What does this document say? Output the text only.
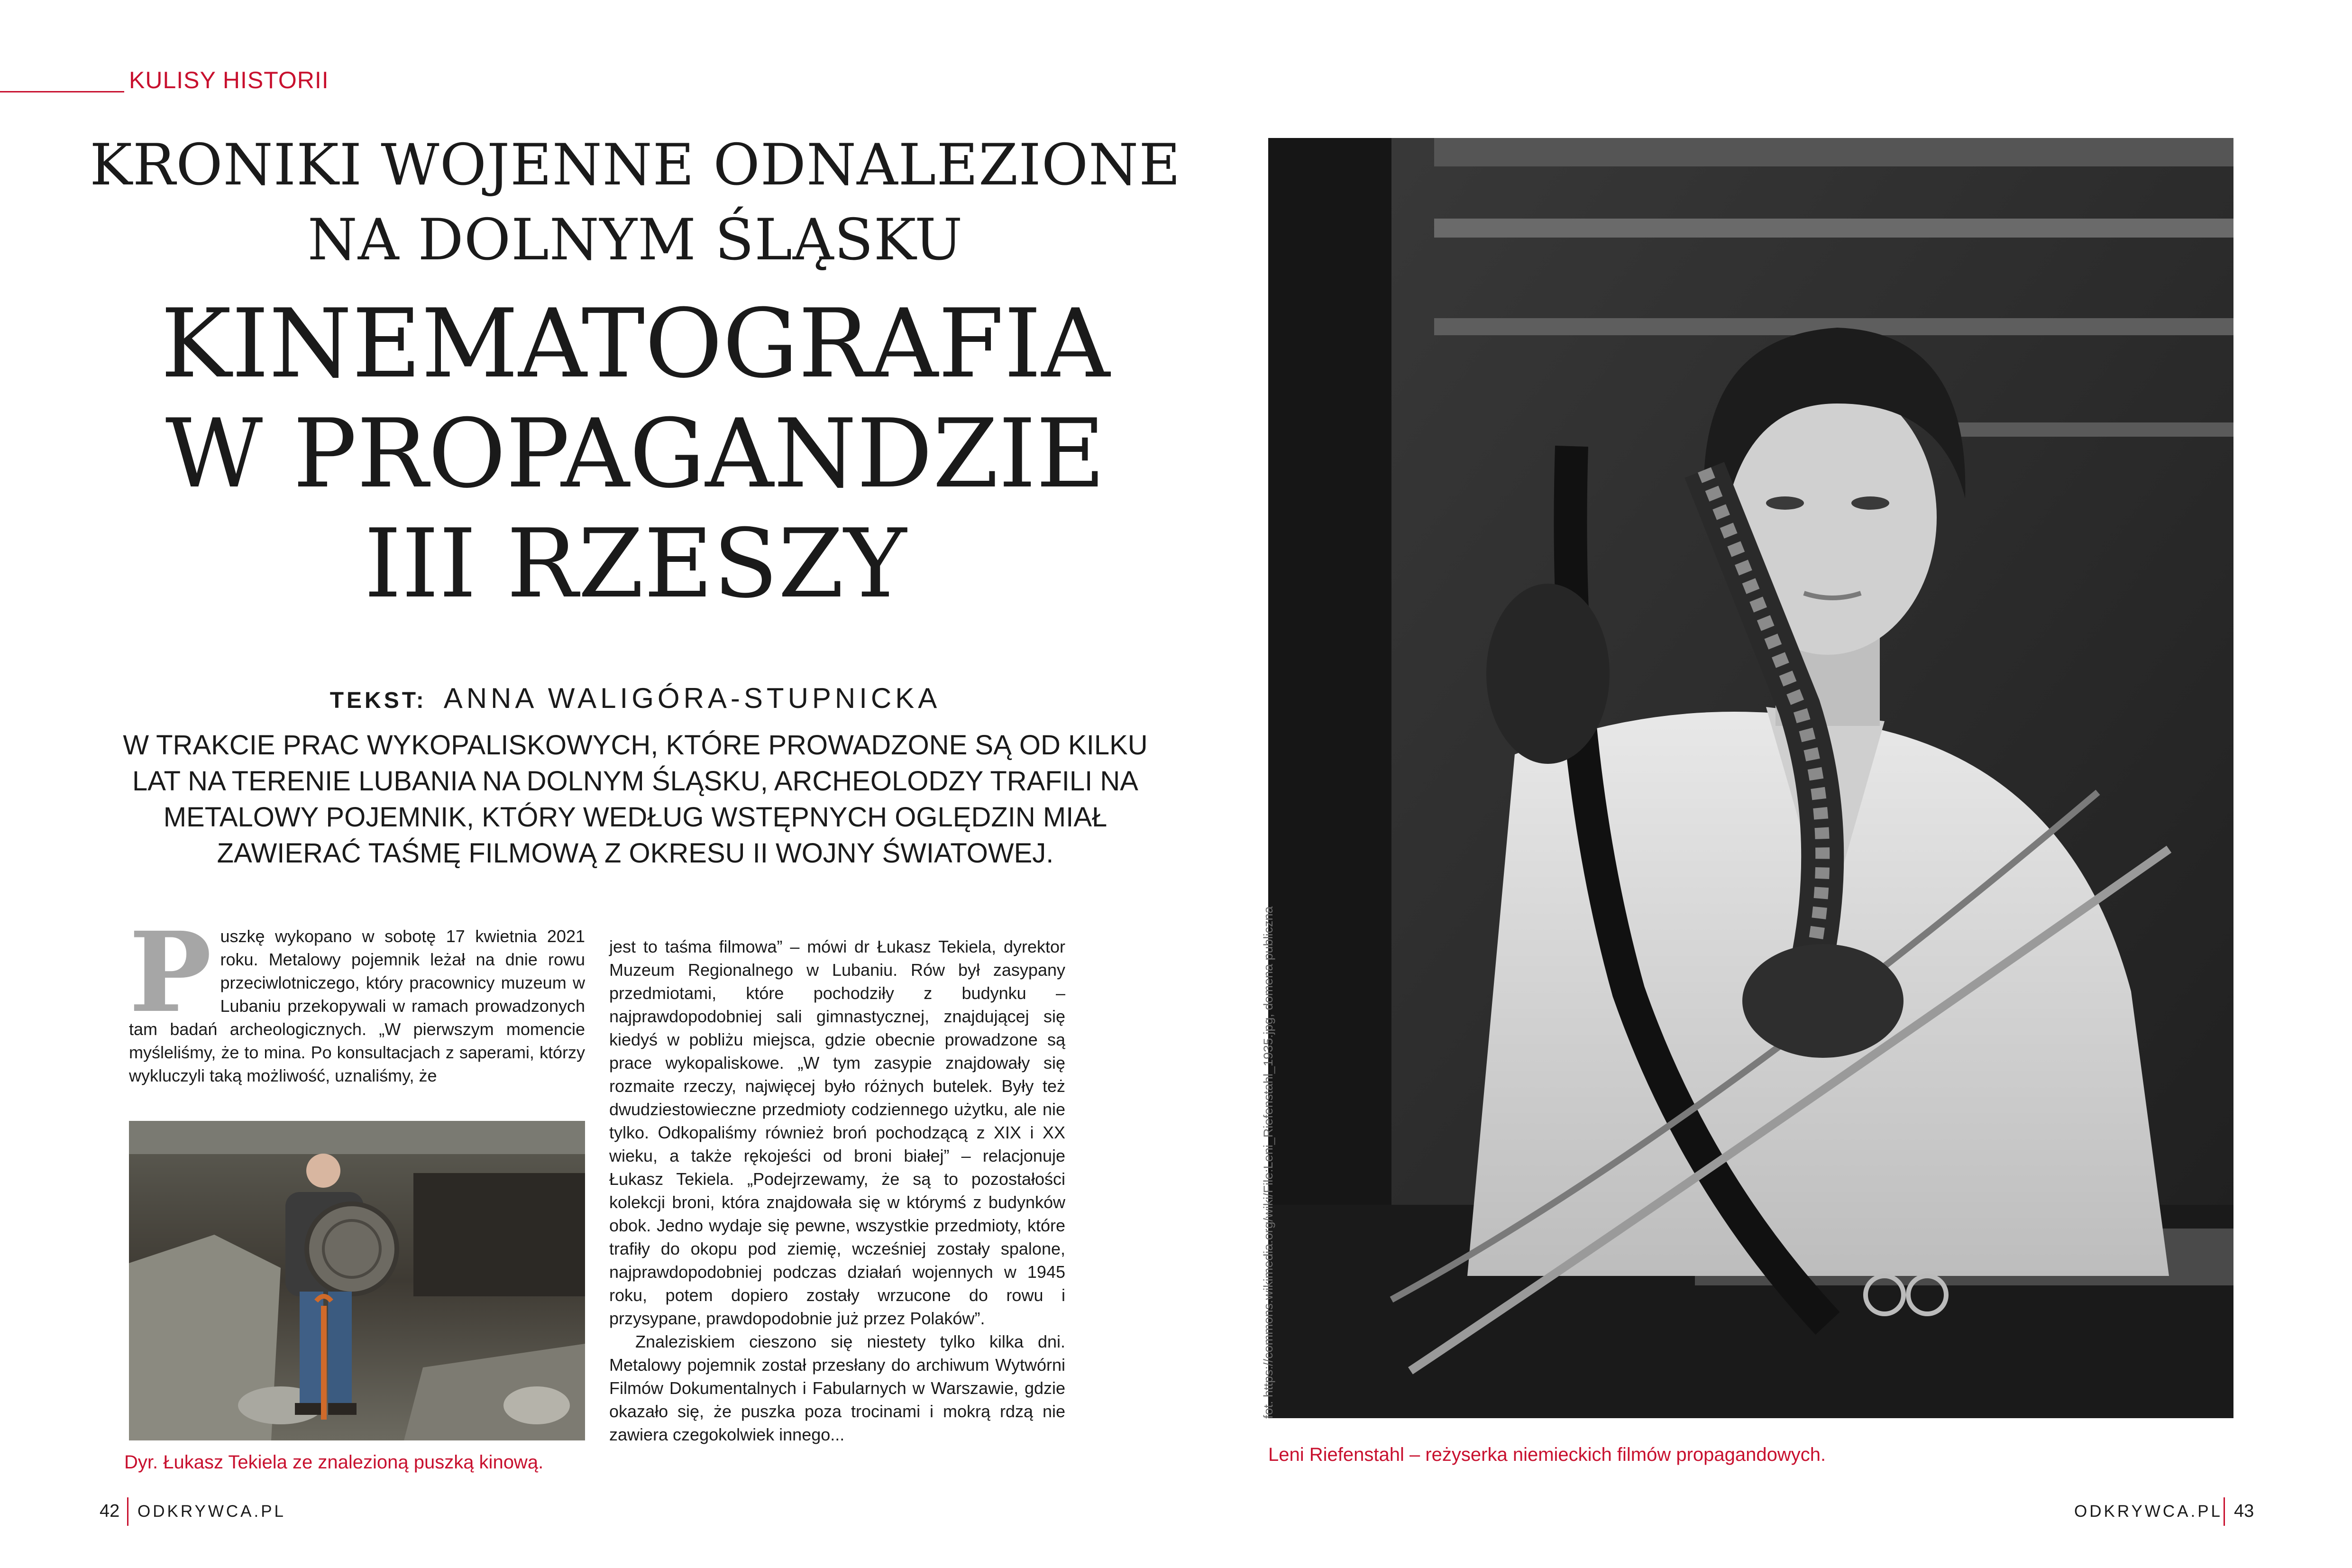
KULISY HISTORII
KRONIKI WOJENNE ODNALEZIONE
NA DOLNYM ŚLĄSKU
KINEMATOGRAFIA
W PROPAGANDZIE
III RZESZY
TEKST: ANNA WALIGÓRA-STUPNICKA
W TRAKCIE PRAC WYKOPALISKOWYCH, KTÓRE PROWADZONE SĄ OD KILKU LAT NA TERENIE LUBANIA NA DOLNYM ŚLĄSKU, ARCHEOLODZY TRAFILI NA METALOWY POJEMNIK, KTÓRY WEDŁUG WSTĘPNYCH OGLĘDZIN MIAŁ ZAWIERAĆ TAŚMĘ FILMOWĄ Z OKRESU II WOJNY ŚWIATOWEJ.

Puszkę wykopano w sobotę 17 kwietnia 2021 roku. Metalowy pojemnik leżał na dnie rowu przeciwlotniczego, który pracownicy muzeum w Lubaniu przekopywali w ramach prowadzonych tam badań archeologicznych. „W pierwszym momencie myśleliśmy, że to mina. Po konsultacjach z saperami, którzy wykluczyli taką możliwość, uznaliśmy, że

jest to taśma filmowa” – mówi dr Łukasz Tekiela, dyrektor Muzeum Regionalnego w Lubaniu. Rów był zasypany przedmiotami, które pochodziły z budynku – najprawdopodobniej sali gimnastycznej, znajdującej się kiedyś w pobliżu miejsca, gdzie obecnie prowadzone są prace wykopaliskowe. „W tym zasypie znajdowały się rozmaite rzeczy, najwięcej było różnych butelek. Były też dwudziestowieczne przedmioty codziennego użytku, ale nie tylko. Odkopaliśmy również broń pochodzącą z XIX i XX wieku, a także rękojeści od broni białej” – relacjonuje Łukasz Tekiela. „Podejrzewamy, że są to pozostałości kolekcji broni, która znajdowała się w którymś z budynków obok. Jedno wydaje się pewne, wszystkie przedmioty, które trafiły do okopu pod ziemię, wcześniej zostały spalone, najprawdopodobniej podczas działań wojennych w 1945 roku, potem dopiero zostały wrzucone do rowu i przysypane, prawdopodobnie już przez Polaków”.

Znaleziskiem cieszono się niestety tylko kilka dni. Metalowy pojemnik został przesłany do archiwum Wytwórni Filmów Dokumentalnych i Fabularnych w Warszawie, gdzie okazało się, że puszka poza trocinami i mokrą rdzą nie zawiera czegokolwiek innego...

Dyr. Łukasz Tekiela ze znalezioną puszką kinową.
fot. https://commons.wikimedia.org/wiki/File:Leni_Riefenstahl_1935.jpg, domena publiczna
Leni Riefenstahl – reżyserka niemieckich filmów propagandowych.
42 ODKRYWCA.PL	ODKRYWCA.PL 43
